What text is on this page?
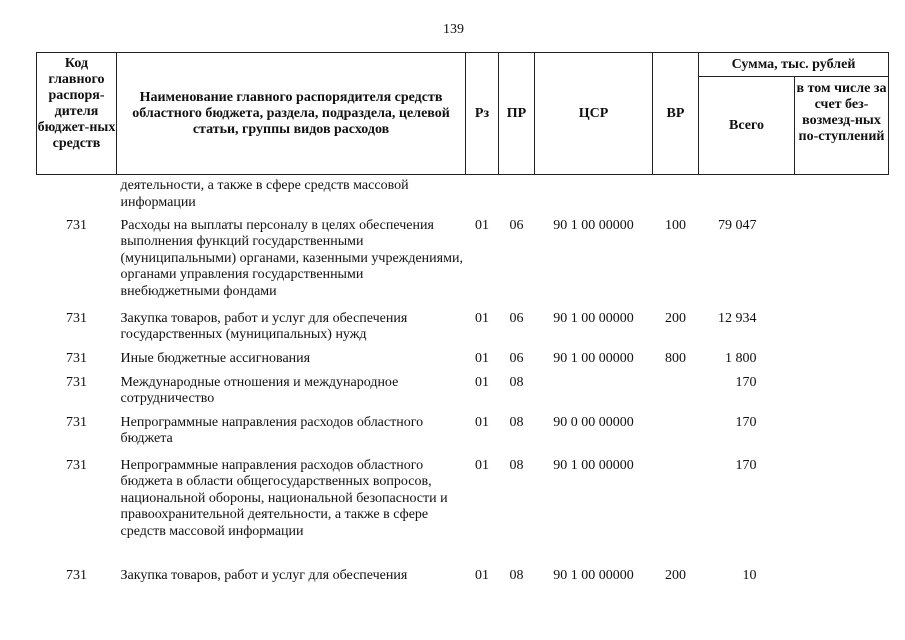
139
Код главного распоря-дителя бюджет-ных средств	Наименование главного распорядителя средств областного бюджета, раздела, подраздела, целевой статьи, группы видов расходов	Рз	ПР	ЦСР	ВР	Сумма, тыс. рублей	
						Всего	в том числе за счет без-возмезд-ных по-ступлений
	деятельности, а также в сфере средств массовой информации						
731	Расходы на выплаты персоналу в целях обеспечения выполнения функций государственными (муниципальными) органами, казенными учреждениями, органами управления государственными внебюджетными фондами	01	06	90 1 00 00000	100	79 047	
731	Закупка товаров, работ и услуг для обеспечения государственных (муниципальных) нужд	01	06	90 1 00 00000	200	12 934	
731	Иные бюджетные ассигнования	01	06	90 1 00 00000	800	1 800	
731	Международные отношения и международное сотрудничество	01	08			170	
731	Непрограммные направления расходов областного бюджета	01	08	90 0 00 00000		170	
731	Непрограммные направления расходов областного бюджета в области общегосударственных вопросов, национальной обороны, национальной безопасности и правоохранительной деятельности, а также в сфере средств массовой информации	01	08	90 1 00 00000		170	
731	Закупка товаров, работ и услуг для обеспечения	01	08	90 1 00 00000	200	10	
